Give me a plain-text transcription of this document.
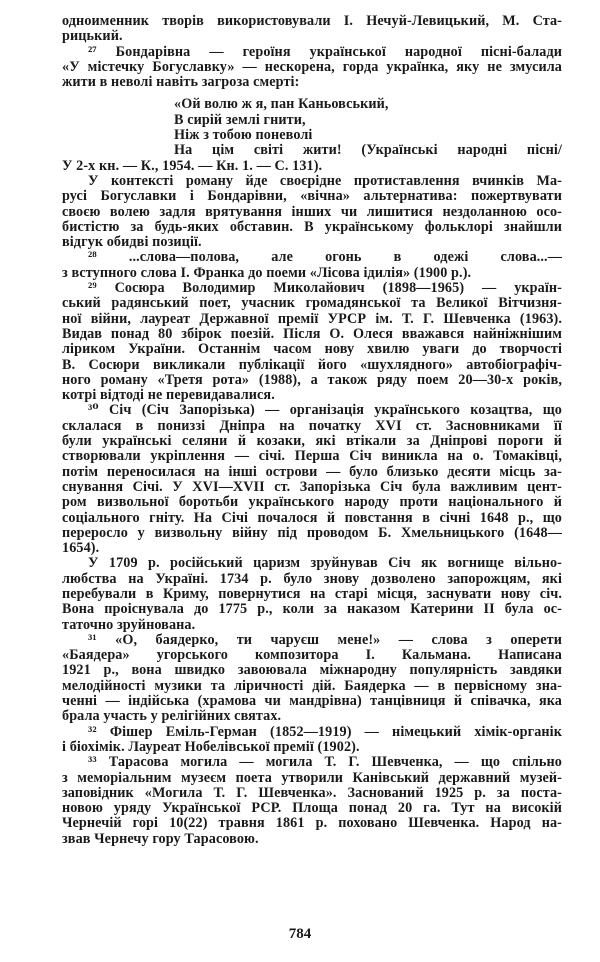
одноименник творів використовували І. Нечуй-Левицький, М. Ста-
рицький.
²⁷ Бондарівна — героїня української народної пісні-балади
«У містечку Богуславку» — нескорена, горда українка, яку не змусила
жити в неволі навіть загроза смерті:
«Ой волю ж я, пан Каньовський,
В сирій землі гнити,
Ніж з тобою поневолі
На цім світі жити! (Українські народні пісні/
У 2-х кн. — К., 1954. — Кн. 1. — С. 131).
У контексті роману йде своєрідне протиставлення вчинків Ма-
русі Богуславки і Бондарівни, «вічна» альтернатива: пожертвувати
своєю волею задля врятування інших чи лишитися нездоланною осо-
бистістю за будь-яких обставин. В українському фольклорі знайшли
відгук обидві позиції.
²⁸ ...слова—полова, але огонь в одежі слова...—
з вступного слова І. Франка до поеми «Лісова ідилія» (1900 р.).
²⁹ Сосюра Володимир Миколайович (1898—1965) — україн-
ський радянський поет, учасник громадянської та Великої Вітчизня-
ної війни, лауреат Державної премії УРСР ім. Т. Г. Шевченка (1963).
Видав понад 80 збірок поезій. Після О. Олеся вважався найніжнішим
ліриком України. Останнім часом нову хвилю уваги до творчості
В. Сосюри викликали публікації його «шухлядного» автобіографіч-
ного роману «Третя рота» (1988), а також ряду поем 20—30-х років,
котрі відтоді не перевидавалися.
³⁰ Січ (Січ Запорізька) — організація українського козацтва, що
склалася в пониззі Дніпра на початку XVI ст. Засновниками її
були українські селяни й козаки, які втікали за Дніпрові пороги й
створювали укріплення — січі. Перша Січ виникла на о. Томаківці,
потім переносилася на інші острови — було близько десяти місць за-
снування Січі. У XVI—XVII ст. Запорізька Січ була важливим цент-
ром визвольної боротьби українського народу проти національного й
соціального гніту. На Січі почалося й повстання в січні 1648 р., що
переросло у визвольну війну під проводом Б. Хмельницького (1648—
1654).
У 1709 р. російський царизм зруйнував Січ як вогнище вільно-
любства на Україні. 1734 р. було знову дозволено запорожцям, які
перебували в Криму, повернутися на старі місця, заснувати нову січ.
Вона проіснувала до 1775 р., коли за наказом Катерини II була ос-
таточно зруйнована.
³¹ «О, баядерко, ти чаруєш мене!» — слова з оперети
«Баядера» угорського композитора І. Кальмана. Написана
1921 р., вона швидко завоювала міжнародну популярність завдяки
мелодійності музики та ліричності дій. Баядерка — в первісному зна-
ченні — індійська (храмова чи мандрівна) танцівниця й співачка, яка
брала участь у релігійних святах.
³² Фішер Еміль-Герман (1852—1919) — німецький хімік-органік
і біохімік. Лауреат Нобелівської премії (1902).
³³ Тарасова могила — могила Т. Г. Шевченка, — що спільно
з меморіальним музеєм поета утворили Канівський державний музей-
заповідник «Могила Т. Г. Шевченка». Заснований 1925 р. за поста-
новою уряду Української РСР. Площа понад 20 га. Тут на високій
Чернечій горі 10(22) травня 1861 р. поховано Шевченка. Народ на-
звав Чернечу гору Тарасовою.
784
